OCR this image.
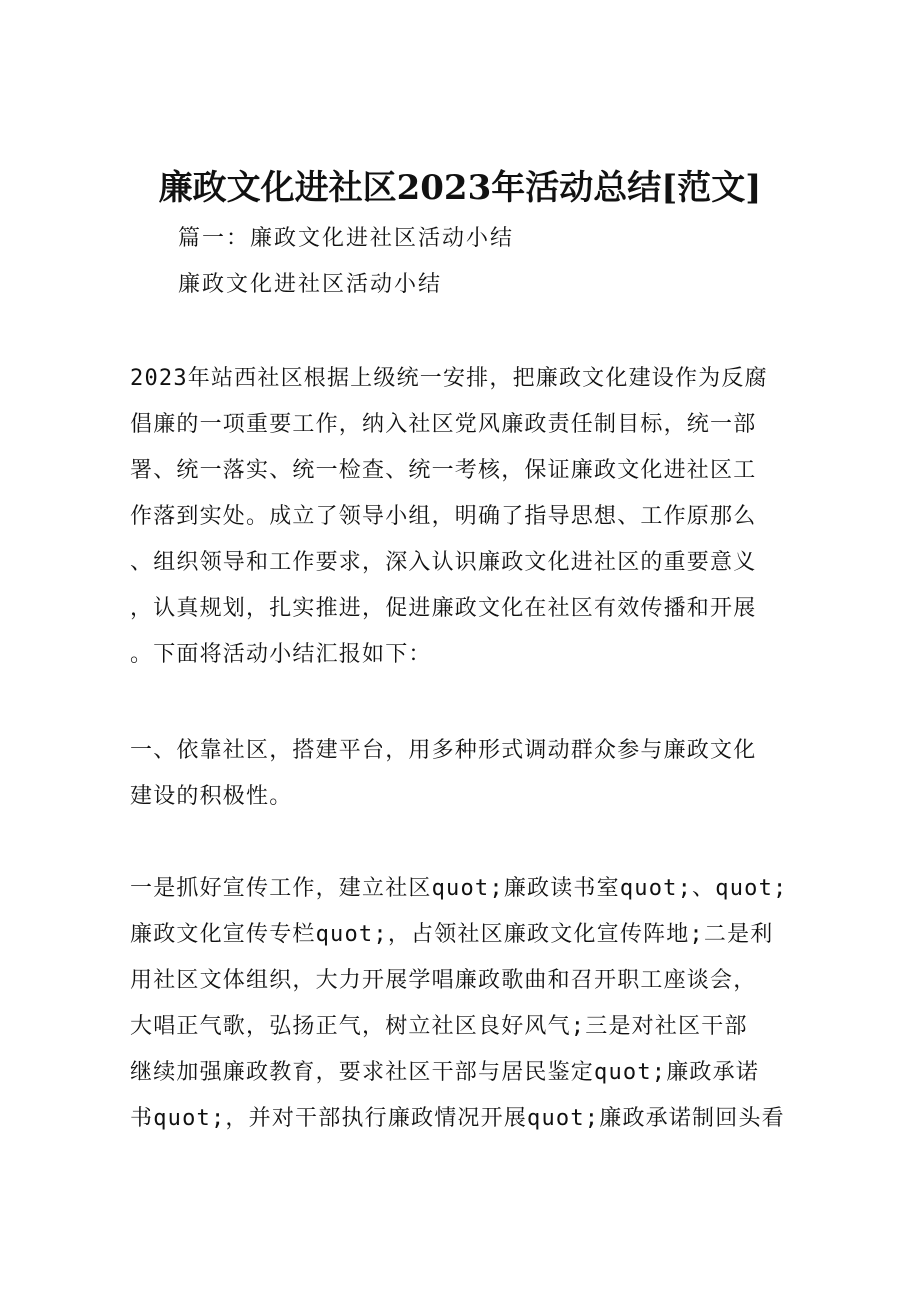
廉政文化进社区2023年活动总结[范文]
篇一：廉政文化进社区活动小结
廉政文化进社区活动小结
2023年站西社区根据上级统一安排，把廉政文化建设作为反腐
倡廉的一项重要工作，纳入社区党风廉政责任制目标，统一部
署、统一落实、统一检查、统一考核，保证廉政文化进社区工
作落到实处。成立了领导小组，明确了指导思想、工作原那么
、组织领导和工作要求，深入认识廉政文化进社区的重要意义
，认真规划，扎实推进，促进廉政文化在社区有效传播和开展
。下面将活动小结汇报如下：
一、依靠社区，搭建平台，用多种形式调动群众参与廉政文化
建设的积极性。
一是抓好宣传工作，建立社区quot;廉政读书室quot;、quot;
廉政文化宣传专栏quot;，占领社区廉政文化宣传阵地;二是利
用社区文体组织，大力开展学唱廉政歌曲和召开职工座谈会，
大唱正气歌，弘扬正气，树立社区良好风气;三是对社区干部
继续加强廉政教育，要求社区干部与居民鉴定quot;廉政承诺
书quot;，并对干部执行廉政情况开展quot;廉政承诺制回头看
